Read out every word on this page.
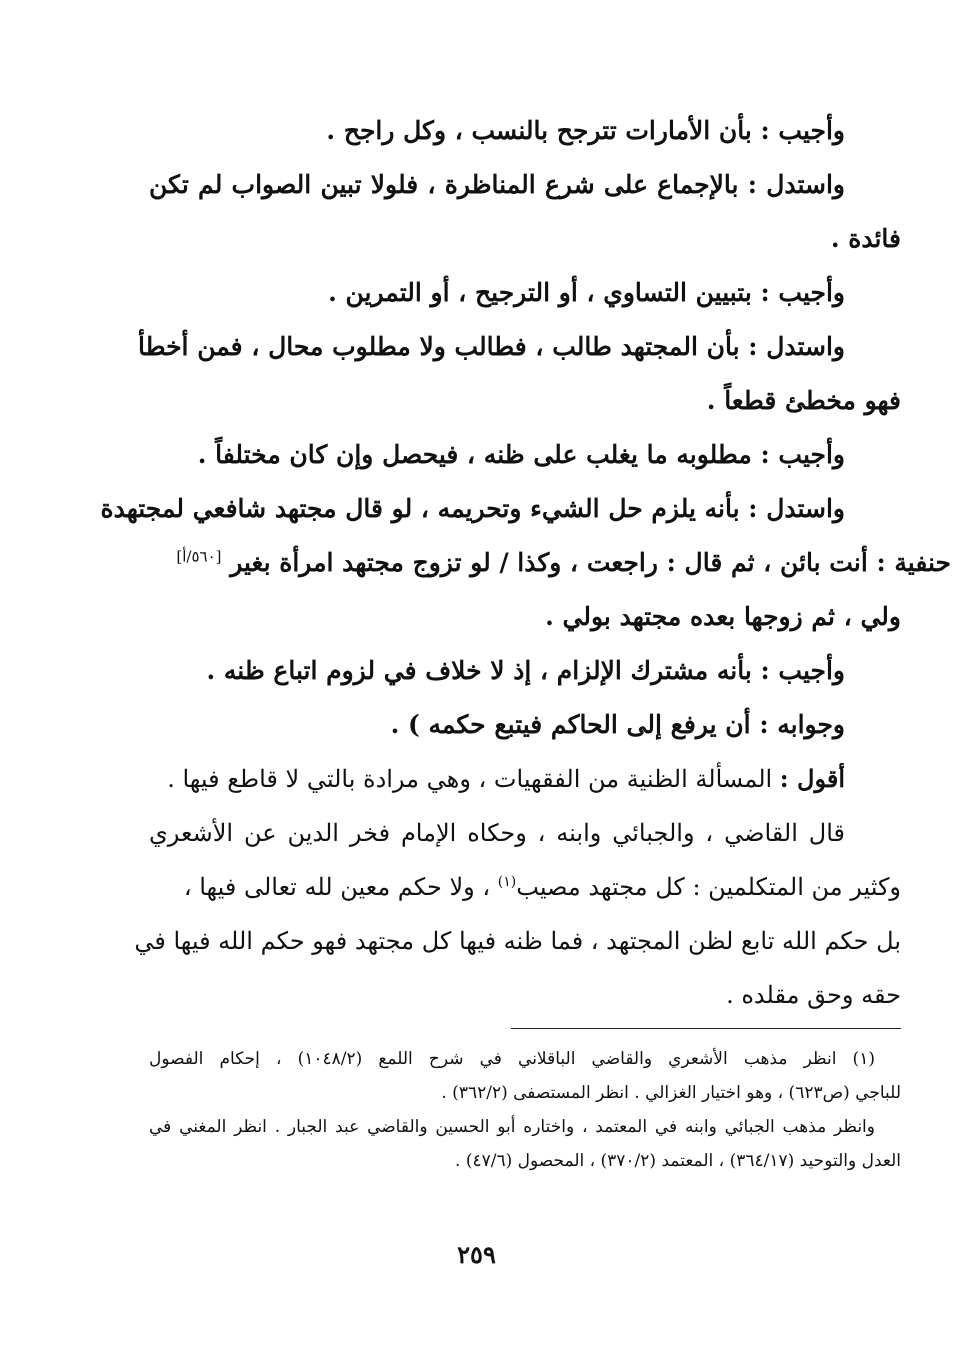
وأجيب : بأن الأمارات تترجح بالنسب ، وكل راجح .
واستدل : بالإجماع على شرع المناظرة ، فلولا تبين الصواب لم تكن
فائدة .
وأجيب : بتبيين التساوي ، أو الترجيح ، أو التمرين .
واستدل : بأن المجتهد طالب ، فطالب ولا مطلوب محال ، فمن أخطأ
فهو مخطئ قطعاً .
وأجيب : مطلوبه ما يغلب على ظنه ، فيحصل وإن كان مختلفاً .
واستدل : بأنه يلزم حل الشيء وتحريمه ، لو قال مجتهد شافعي لمجتهدة
حنفية : أنت بائن ، ثم قال : راجعت ، وكذا / لو تزوج مجتهد امرأة بغير [٥٦٠/أ]
ولي ، ثم زوجها بعده مجتهد بولي .
وأجيب : بأنه مشترك الإلزام ، إذ لا خلاف في لزوم اتباع ظنه .
وجوابه : أن يرفع إلى الحاكم فيتبع حكمه ) .
أقول : المسألة الظنية من الفقهيات ، وهي مرادة بالتي لا قاطع فيها .
قال القاضي ، والجبائي وابنه ، وحكاه الإمام فخر الدين عن الأشعري
وكثير من المتكلمين : كل مجتهد مصيب$^{(١)}$ ، ولا حكم معين لله تعالى فيها ،
بل حكم الله تابع لظن المجتهد ، فما ظنه فيها كل مجتهد فهو حكم الله فيها في
حقه وحق مقلده .
(١) انظر مذهب الأشعري والقاضي الباقلاني في شرح اللمع (١٠٤٨/٢) ، إحكام الفصول
للباجي (ص٦٢٣) ، وهو اختيار الغزالي . انظر المستصفى (٣٦٢/٢) .
وانظر مذهب الجبائي وابنه في المعتمد ، واختاره أبو الحسين والقاضي عبد الجبار . انظر المغني في
العدل والتوحيد (٣٦٤/١٧) ، المعتمد (٣٧٠/٢) ، المحصول (٤٧/٦) .
٢٥٩
